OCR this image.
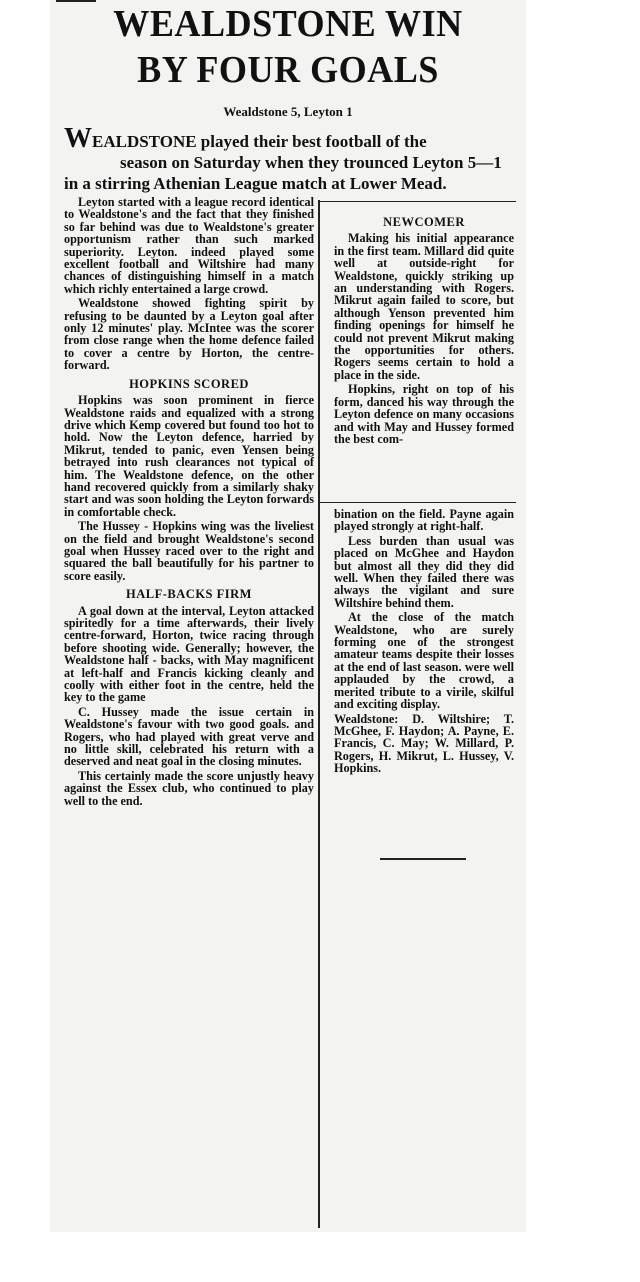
WEALDSTONE WIN
BY FOUR GOALS
Wealdstone 5, Leyton 1
WEALDSTONE played their best football of the
season on Saturday when they trounced Leyton 5—1
in a stirring Athenian League match at Lower Mead.

Leyton started with a league record identical to Wealdstone's and the fact that they finished so far behind was due to Wealdstone's greater opportunism rather than such marked superiority. Leyton. indeed played some excellent football and Wiltshire had many chances of distinguishing himself in a match which richly entertained a large crowd.

Wealdstone showed fighting spirit by refusing to be daunted by a Leyton goal after only 12 minutes' play. McIntee was the scorer from close range when the home defence failed to cover a centre by Horton, the centre-forward.

HOPKINS SCORED

Hopkins was soon prominent in fierce Wealdstone raids and equalized with a strong drive which Kemp covered but found too hot to hold. Now the Leyton defence, harried by Mikrut, tended to panic, even Yensen being betrayed into rush clearances not typical of him. The Wealdstone defence, on the other hand recovered quickly from a similarly shaky start and was soon holding the Leyton forwards in comfortable check.

The Hussey - Hopkins wing was the liveliest on the field and brought Wealdstone's second goal when Hussey raced over to the right and squared the ball beautifully for his partner to score easily.

HALF-BACKS FIRM

A goal down at the interval, Leyton attacked spiritedly for a time afterwards, their lively centre-forward, Horton, twice racing through before shooting wide. Generally; however, the Wealdstone half - backs, with May magnificent at left-half and Francis kicking cleanly and coolly with either foot in the centre, held the key to the game

C. Hussey made the issue certain in Wealdstone's favour with two good goals. and Rogers, who had played with great verve and no little skill, celebrated his return with a deserved and neat goal in the closing minutes.

This certainly made the score unjustly heavy against the Essex club, who continued to play well to the end.

NEWCOMER

Making his initial appearance in the first team. Millard did quite well at outside-right for Wealdstone, quickly striking up an understanding with Rogers. Mikrut again failed to score, but although Yenson prevented him finding openings for himself he could not prevent Mikrut making the opportunities for others. Rogers seems certain to hold a place in the side.

Hopkins, right on top of his form, danced his way through the Leyton defence on many occasions and with May and Hussey formed the best com-

bination on the field. Payne again played strongly at right-half.

Less burden than usual was placed on McGhee and Haydon but almost all they did they did well. When they failed there was always the vigilant and sure Wiltshire behind them.

At the close of the match Wealdstone, who are surely forming one of the strongest amateur teams despite their losses at the end of last season. were well applauded by the crowd, a merited tribute to a virile, skilful and exciting display.

Wealdstone: D. Wiltshire; T. McGhee, F. Haydon; A. Payne, E. Francis, C. May; W. Millard, P. Rogers, H. Mikrut, L. Hussey, V. Hopkins.
